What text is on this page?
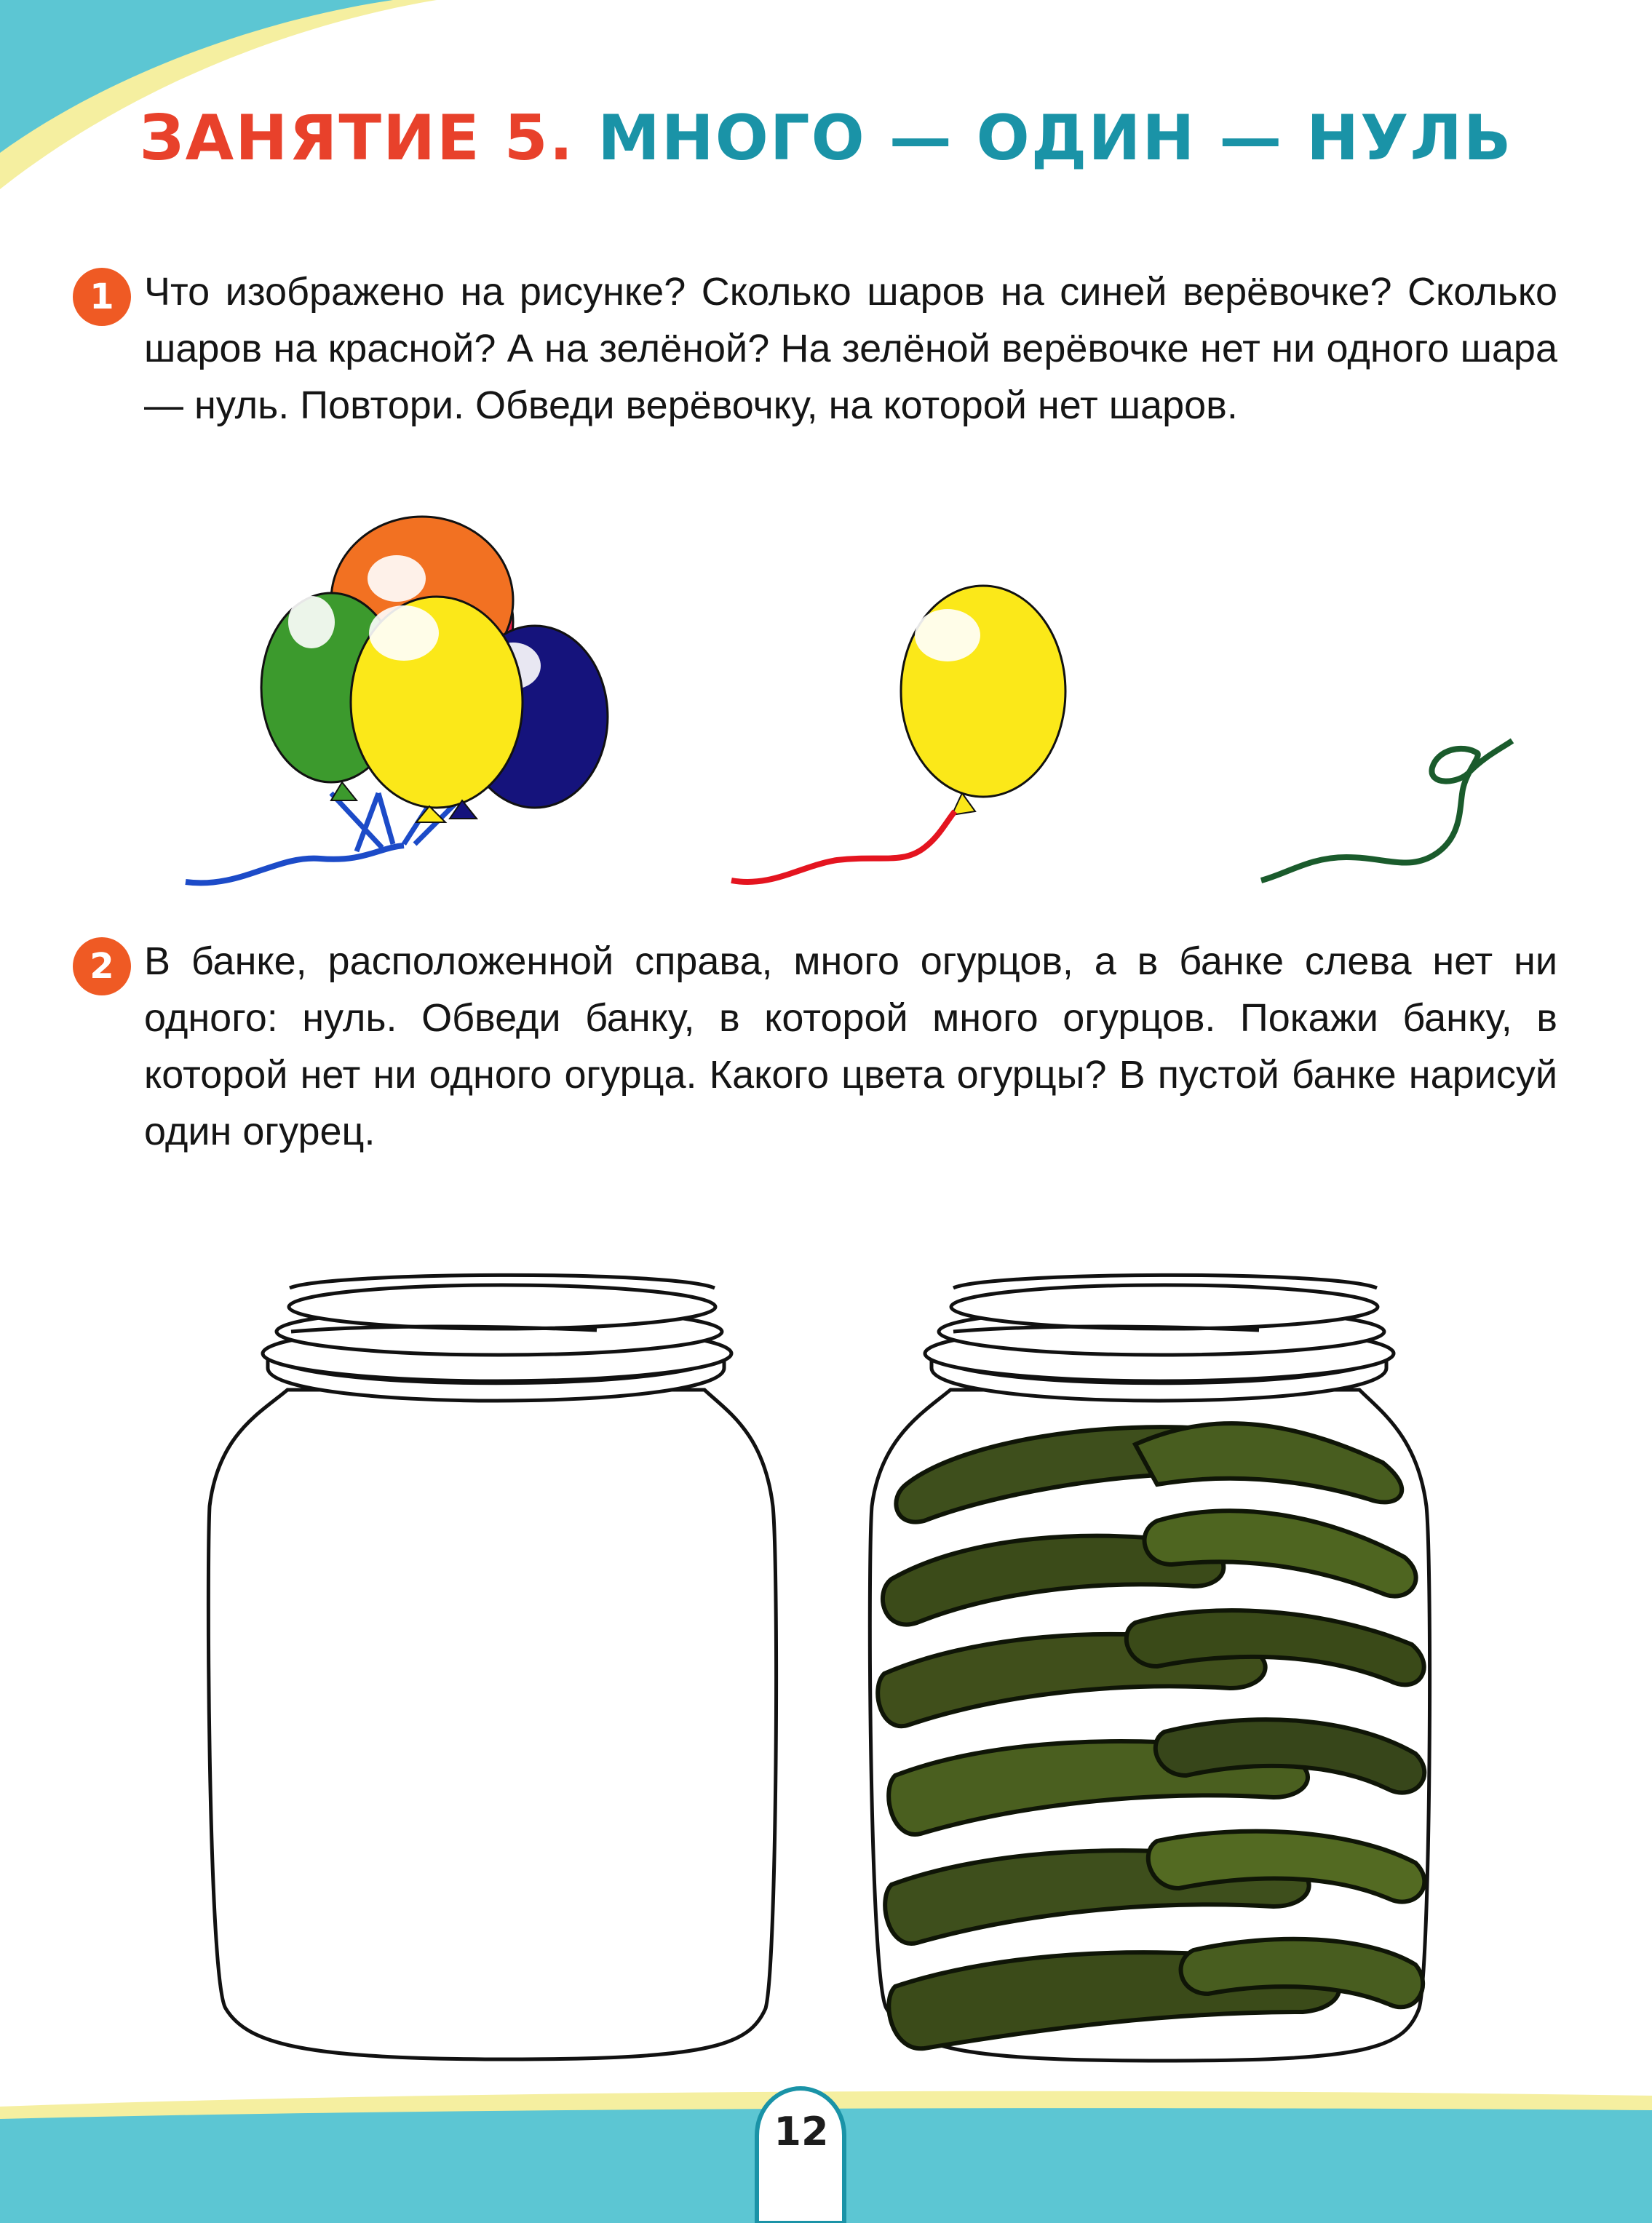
ЗАНЯТИЕ 5. МНОГО — ОДИН — НУЛЬ
1 Что изображено на рисунке? Сколько шаров на синей верёвочке? Сколько шаров на красной? А на зелёной? На зелёной верёвочке нет ни одного шара — нуль. Повтори. Обведи верёвочку, на которой нет шаров.
2 В банке, расположенной справа, много огурцов, а в банке слева нет ни одного: нуль. Обведи банку, в которой много огурцов. Покажи банку, в которой нет ни одного огурца. Какого цвета огурцы? В пустой банке нарисуй один огурец.
12
